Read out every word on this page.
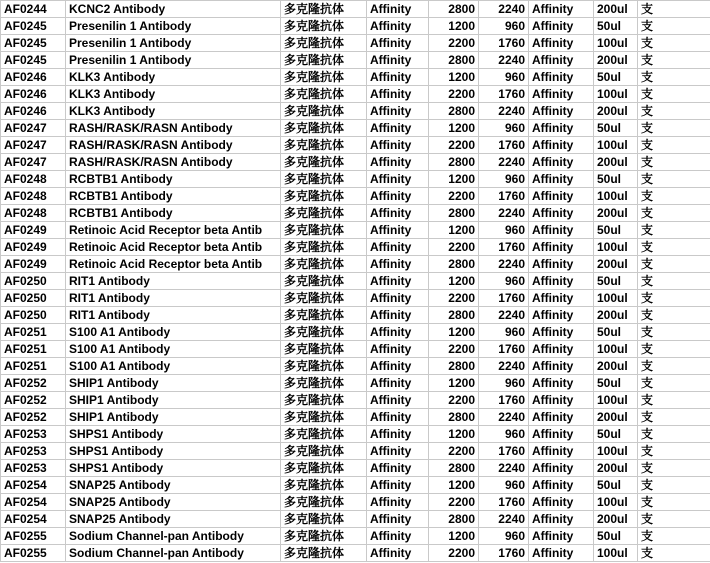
AF0244	KCNC2 Antibody	多克隆抗体	Affinity	2800	2240	Affinity	200ul	支
AF0245	Presenilin 1 Antibody	多克隆抗体	Affinity	1200	960	Affinity	50ul	支
AF0245	Presenilin 1 Antibody	多克隆抗体	Affinity	2200	1760	Affinity	100ul	支
AF0245	Presenilin 1 Antibody	多克隆抗体	Affinity	2800	2240	Affinity	200ul	支
AF0246	KLK3 Antibody	多克隆抗体	Affinity	1200	960	Affinity	50ul	支
AF0246	KLK3 Antibody	多克隆抗体	Affinity	2200	1760	Affinity	100ul	支
AF0246	KLK3 Antibody	多克隆抗体	Affinity	2800	2240	Affinity	200ul	支
AF0247	RASH/RASK/RASN Antibody	多克隆抗体	Affinity	1200	960	Affinity	50ul	支
AF0247	RASH/RASK/RASN Antibody	多克隆抗体	Affinity	2200	1760	Affinity	100ul	支
AF0247	RASH/RASK/RASN Antibody	多克隆抗体	Affinity	2800	2240	Affinity	200ul	支
AF0248	RCBTB1 Antibody	多克隆抗体	Affinity	1200	960	Affinity	50ul	支
AF0248	RCBTB1 Antibody	多克隆抗体	Affinity	2200	1760	Affinity	100ul	支
AF0248	RCBTB1 Antibody	多克隆抗体	Affinity	2800	2240	Affinity	200ul	支
AF0249	Retinoic Acid Receptor beta Antib	多克隆抗体	Affinity	1200	960	Affinity	50ul	支
AF0249	Retinoic Acid Receptor beta Antib	多克隆抗体	Affinity	2200	1760	Affinity	100ul	支
AF0249	Retinoic Acid Receptor beta Antib	多克隆抗体	Affinity	2800	2240	Affinity	200ul	支
AF0250	RIT1 Antibody	多克隆抗体	Affinity	1200	960	Affinity	50ul	支
AF0250	RIT1 Antibody	多克隆抗体	Affinity	2200	1760	Affinity	100ul	支
AF0250	RIT1 Antibody	多克隆抗体	Affinity	2800	2240	Affinity	200ul	支
AF0251	S100 A1 Antibody	多克隆抗体	Affinity	1200	960	Affinity	50ul	支
AF0251	S100 A1 Antibody	多克隆抗体	Affinity	2200	1760	Affinity	100ul	支
AF0251	S100 A1 Antibody	多克隆抗体	Affinity	2800	2240	Affinity	200ul	支
AF0252	SHIP1 Antibody	多克隆抗体	Affinity	1200	960	Affinity	50ul	支
AF0252	SHIP1 Antibody	多克隆抗体	Affinity	2200	1760	Affinity	100ul	支
AF0252	SHIP1 Antibody	多克隆抗体	Affinity	2800	2240	Affinity	200ul	支
AF0253	SHPS1 Antibody	多克隆抗体	Affinity	1200	960	Affinity	50ul	支
AF0253	SHPS1 Antibody	多克隆抗体	Affinity	2200	1760	Affinity	100ul	支
AF0253	SHPS1 Antibody	多克隆抗体	Affinity	2800	2240	Affinity	200ul	支
AF0254	SNAP25 Antibody	多克隆抗体	Affinity	1200	960	Affinity	50ul	支
AF0254	SNAP25 Antibody	多克隆抗体	Affinity	2200	1760	Affinity	100ul	支
AF0254	SNAP25 Antibody	多克隆抗体	Affinity	2800	2240	Affinity	200ul	支
AF0255	Sodium Channel-pan Antibody	多克隆抗体	Affinity	1200	960	Affinity	50ul	支
AF0255	Sodium Channel-pan Antibody	多克隆抗体	Affinity	2200	1760	Affinity	100ul	支
